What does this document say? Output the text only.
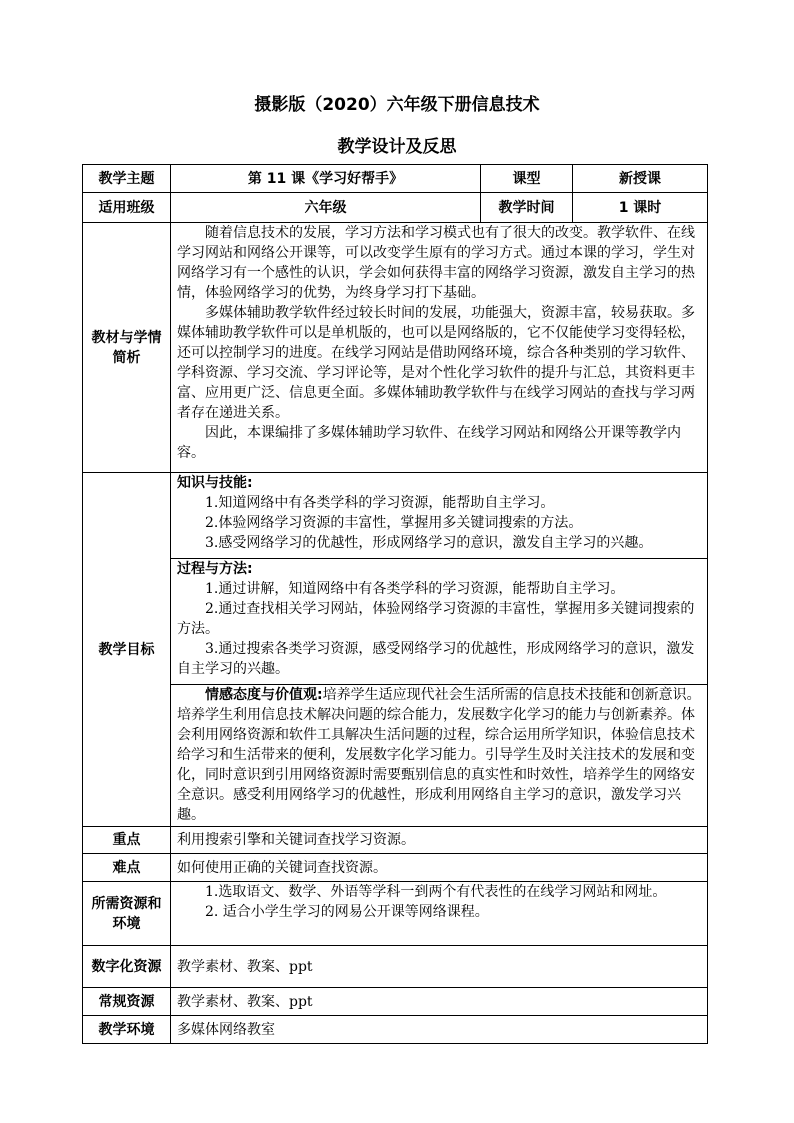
摄影版（2020）六年级下册信息技术
教学设计及反思
教学主题	第 11 课《学习好帮手》	课型	新授课
适用班级	六年级	教学时间	1 课时
教材与学情简析	随着信息技术的发展，学习方法和学习模式也有了很大的改变。教学软件、在线学习网站和网络公开课等，可以改变学生原有的学习方式。通过本课的学习，学生对网络学习有一个感性的认识，学会如何获得丰富的网络学习资源，激发自主学习的热情，体验网络学习的优势，为终身学习打下基础。

多媒体辅助教学软件经过较长时间的发展，功能强大，资源丰富，较易获取。多媒体辅助教学软件可以是单机版的，也可以是网络版的，它不仅能使学习变得轻松，还可以控制学习的进度。在线学习网站是借助网络环境，综合各种类别的学习软件、学科资源、学习交流、学习评论等，是对个性化学习软件的提升与汇总，其资料更丰富、应用更广泛、信息更全面。多媒体辅助教学软件与在线学习网站的查找与学习两者存在递进关系。

因此，本课编排了多媒体辅助学习软件、在线学习网站和网络公开课等教学内容。		

教学目标	知识与技能:

1.知道网络中有各类学科的学习资源，能帮助自主学习。

2.体验网络学习资源的丰富性，掌握用多关键词搜索的方法。

3.感受网络学习的优越性，形成网络学习的意识，激发自主学习的兴趣。		

	过程与方法:

1.通过讲解，知道网络中有各类学科的学习资源，能帮助自主学习。

2.通过查找相关学习网站，体验网络学习资源的丰富性，掌握用多关键词搜索的方法。

3.通过搜索各类学习资源，感受网络学习的优越性，形成网络学习的意识，激发自主学习的兴趣。		

	情感态度与价值观:培养学生适应现代社会生活所需的信息技术技能和创新意识。培养学生利用信息技术解决问题的综合能力，发展数字化学习的能力与创新素养。体会利用网络资源和软件工具解决生活问题的过程，综合运用所学知识，体验信息技术给学习和生活带来的便利，发展数字化学习能力。引导学生及时关注技术的发展和变化，同时意识到引用网络资源时需要甄别信息的真实性和时效性，培养学生的网络安全意识。感受利用网络学习的优越性，形成利用网络自主学习的意识，激发学习兴趣。		

重点	利用搜索引擎和关键词查找学习资源。		
难点	如何使用正确的关键词查找资源。		
所需资源和环境	1.选取语文、数学、外语等学科一到两个有代表性的在线学习网站和网址。

2. 适合小学生学习的网易公开课等网络课程。		

数字化资源	教学素材、教案、ppt		
常规资源	教学素材、教案、ppt		
教学环境	多媒体网络教室		
